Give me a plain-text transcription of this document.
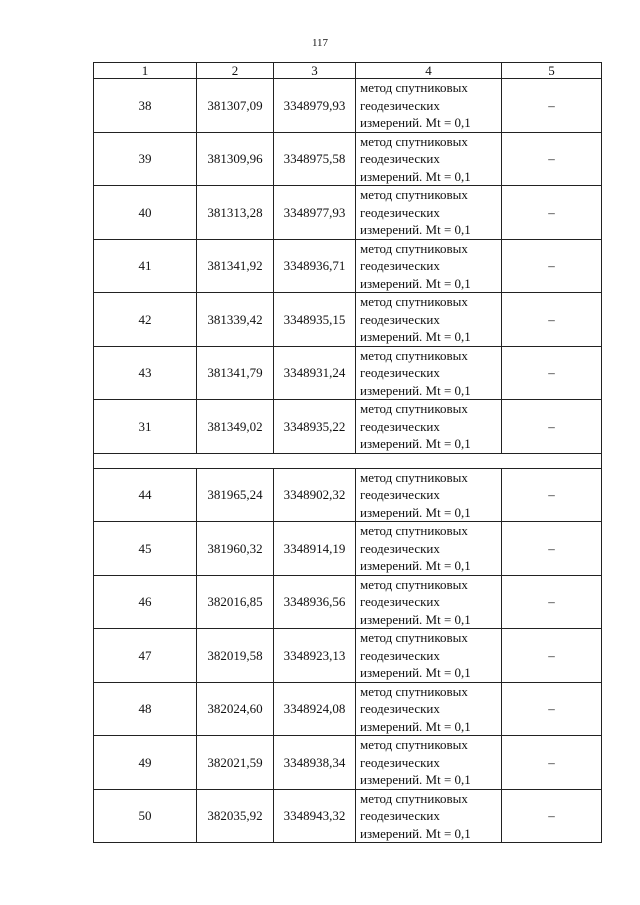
117
1	2	3	4	5
38	381307,09	3348979,93	метод спутниковых
геодезических
измерений. Mt = 0,1	–
39	381309,96	3348975,58	метод спутниковых
геодезических
измерений. Mt = 0,1	–
40	381313,28	3348977,93	метод спутниковых
геодезических
измерений. Mt = 0,1	–
41	381341,92	3348936,71	метод спутниковых
геодезических
измерений. Mt = 0,1	–
42	381339,42	3348935,15	метод спутниковых
геодезических
измерений. Mt = 0,1	–
43	381341,79	3348931,24	метод спутниковых
геодезических
измерений. Mt = 0,1	–
31	381349,02	3348935,22	метод спутниковых
геодезических
измерений. Mt = 0,1	–

44	381965,24	3348902,32	метод спутниковых
геодезических
измерений. Mt = 0,1	–
45	381960,32	3348914,19	метод спутниковых
геодезических
измерений. Mt = 0,1	–
46	382016,85	3348936,56	метод спутниковых
геодезических
измерений. Mt = 0,1	–
47	382019,58	3348923,13	метод спутниковых
геодезических
измерений. Mt = 0,1	–
48	382024,60	3348924,08	метод спутниковых
геодезических
измерений. Mt = 0,1	–
49	382021,59	3348938,34	метод спутниковых
геодезических
измерений. Mt = 0,1	–
50	382035,92	3348943,32	метод спутниковых
геодезических
измерений. Mt = 0,1	–
